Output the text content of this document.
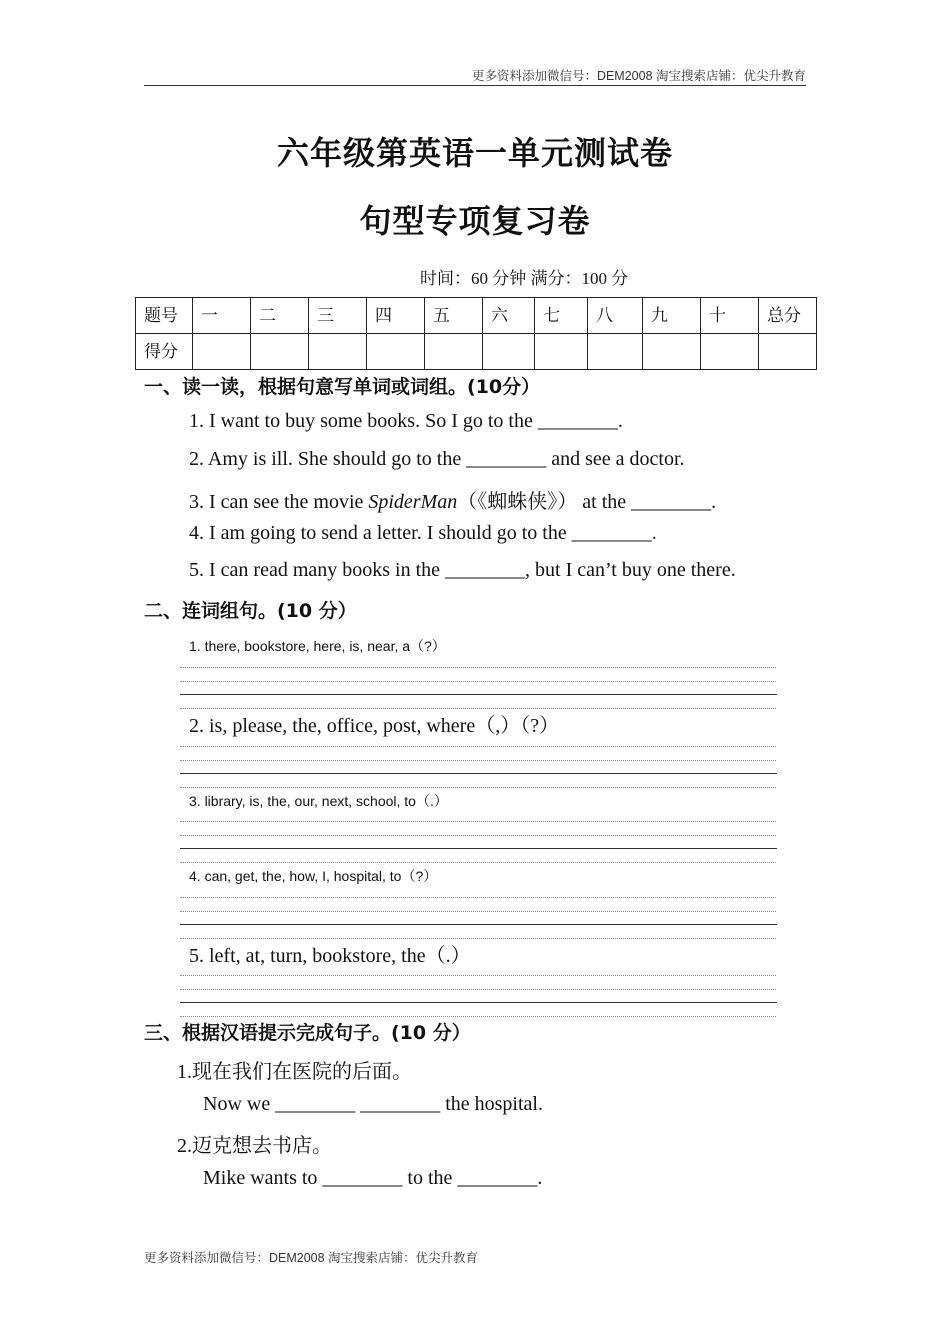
更多资料添加微信号：DEM2008 淘宝搜索店铺：优尖升教育
六年级第英语一单元测试卷
句型专项复习卷
时间：60 分钟 满分：100 分
题号	一	二	三	四	五	六	七	八	九	十	总分
得分											
一、读一读，根据句意写单词或词组。(10分）
1. I want to buy some books. So I go to the ________.
2. Amy is ill. She should go to the ________ and see a doctor.
3. I can see the movie SpiderMan（《蜘蛛侠》） at the ________.
4. I am going to send a letter. I should go to the ________.
5. I can read many books in the ________, but I can’t buy one there.
二、连词组句。(10 分）
1. there, bookstore, here, is, near, a（?）
2. is, please, the, office, post, where（,）（?）
3. library, is, the, our, next, school, to（.）
4. can, get, the, how, I, hospital, to（?）
5. left, at, turn, bookstore, the（.）
三、根据汉语提示完成句子。(10 分）
1.现在我们在医院的后面。
Now we ________ ________ the hospital.
2.迈克想去书店。
Mike wants to ________ to the ________.
更多资料添加微信号：DEM2008 淘宝搜索店铺：优尖升教育
